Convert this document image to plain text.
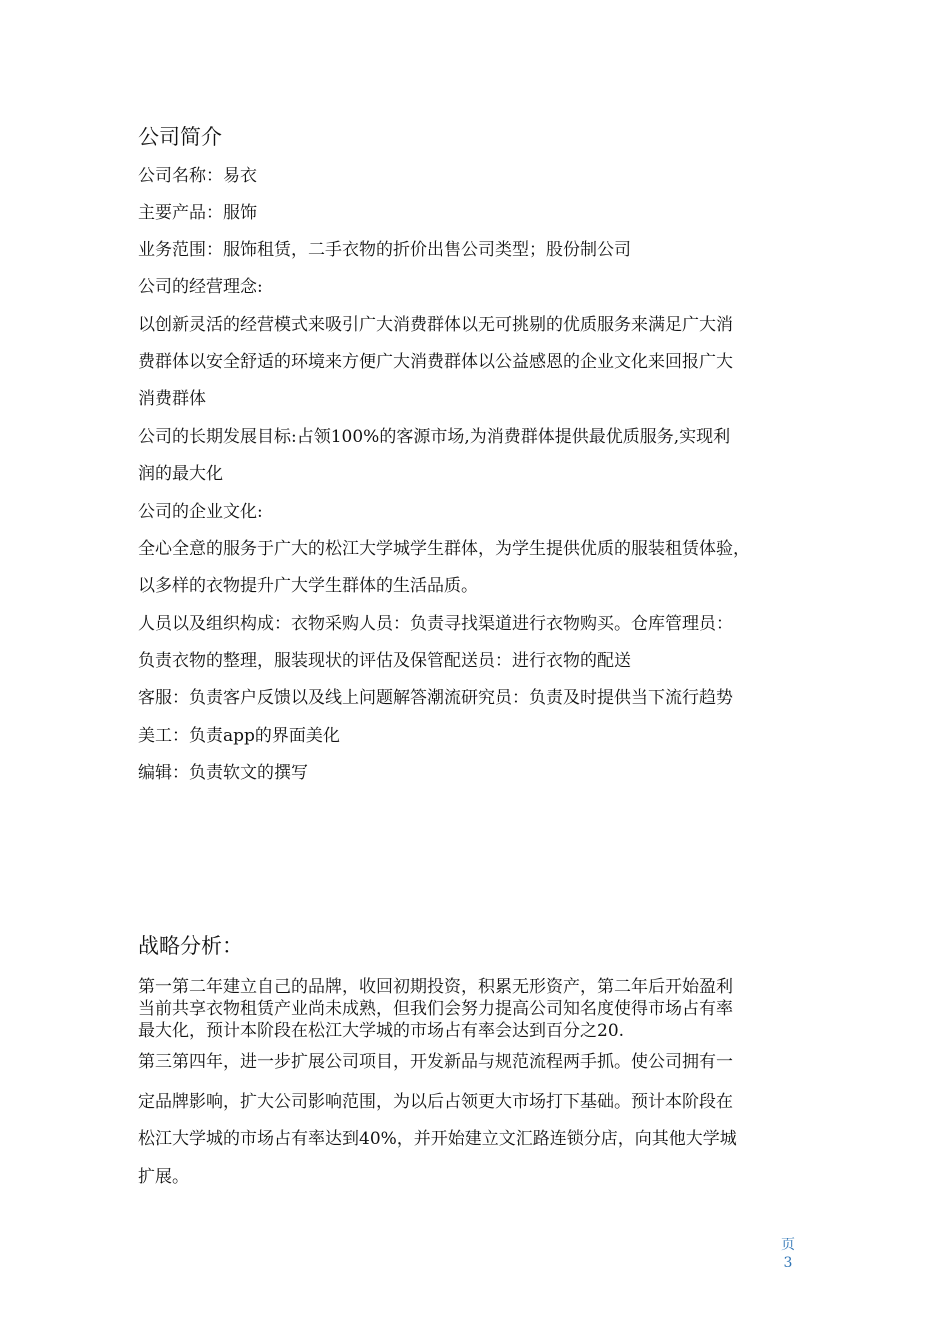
公司简介
公司名称：易衣
主要产品：服饰
业务范围：服饰租赁，二手衣物的折价出售公司类型；股份制公司
公司的经营理念:
以创新灵活的经营模式来吸引广大消费群体以无可挑剔的优质服务来满足广大消
费群体以安全舒适的环境来方便广大消费群体以公益感恩的企业文化来回报广大
消费群体
公司的长期发展目标:占领100%的客源市场,为消费群体提供最优质服务,实现利
润的最大化
公司的企业文化:
全心全意的服务于广大的松江大学城学生群体，为学生提供优质的服装租赁体验，
以多样的衣物提升广大学生群体的生活品质。
人员以及组织构成：衣物采购人员：负责寻找渠道进行衣物购买。仓库管理员：
负责衣物的整理，服装现状的评估及保管配送员：进行衣物的配送
客服：负责客户反馈以及线上问题解答潮流研究员：负责及时提供当下流行趋势
美工：负责app的界面美化
编辑：负责软文的撰写
战略分析：
第一第二年建立自己的品牌，收回初期投资，积累无形资产，第二年后开始盈利
当前共享衣物租赁产业尚未成熟，但我们会努力提高公司知名度使得市场占有率
最大化，预计本阶段在松江大学城的市场占有率会达到百分之20.
第三第四年，进一步扩展公司项目，开发新品与规范流程两手抓。使公司拥有一
定品牌影响，扩大公司影响范围，为以后占领更大市场打下基础。预计本阶段在
松江大学城的市场占有率达到40%，并开始建立文汇路连锁分店，向其他大学城
扩展。
页
3
